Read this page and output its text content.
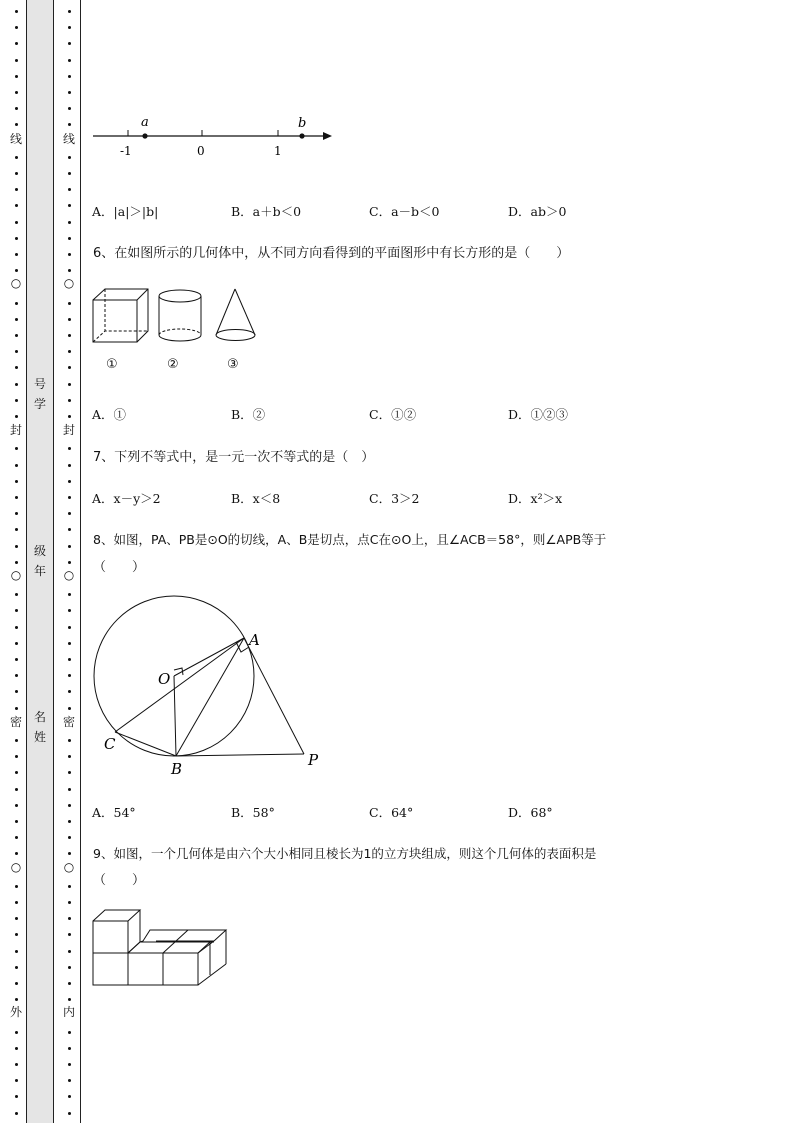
线
○
封
○
密
○
外
线
○
封
○
密
○
内
号
学
级
年
名
姓
a	b
-1	0	1
A．|a|＞|b|	B．a＋b＜0	C．a－b＜0	D．ab＞0
6、在如图所示的几何体中，从不同方向看得到的平面图形中有长方形的是（　　）
①	②	③
A．①	B．②	C．①②	D．①②③
7、下列不等式中，是一元一次不等式的是（　）
A．x－y＞2	B．x＜8	C．3＞2	D．x²＞x
8、如图，PA、PB是⊙O的切线，A、B是切点，点C在⊙O上，且∠ACB＝58°，则∠APB等于
（　　）
A
B
C
O
P
A．54°	B．58°	C．64°	D．68°
9、如图，一个几何体是由六个大小相同且棱长为1的立方块组成，则这个几何体的表面积是
（　　）
